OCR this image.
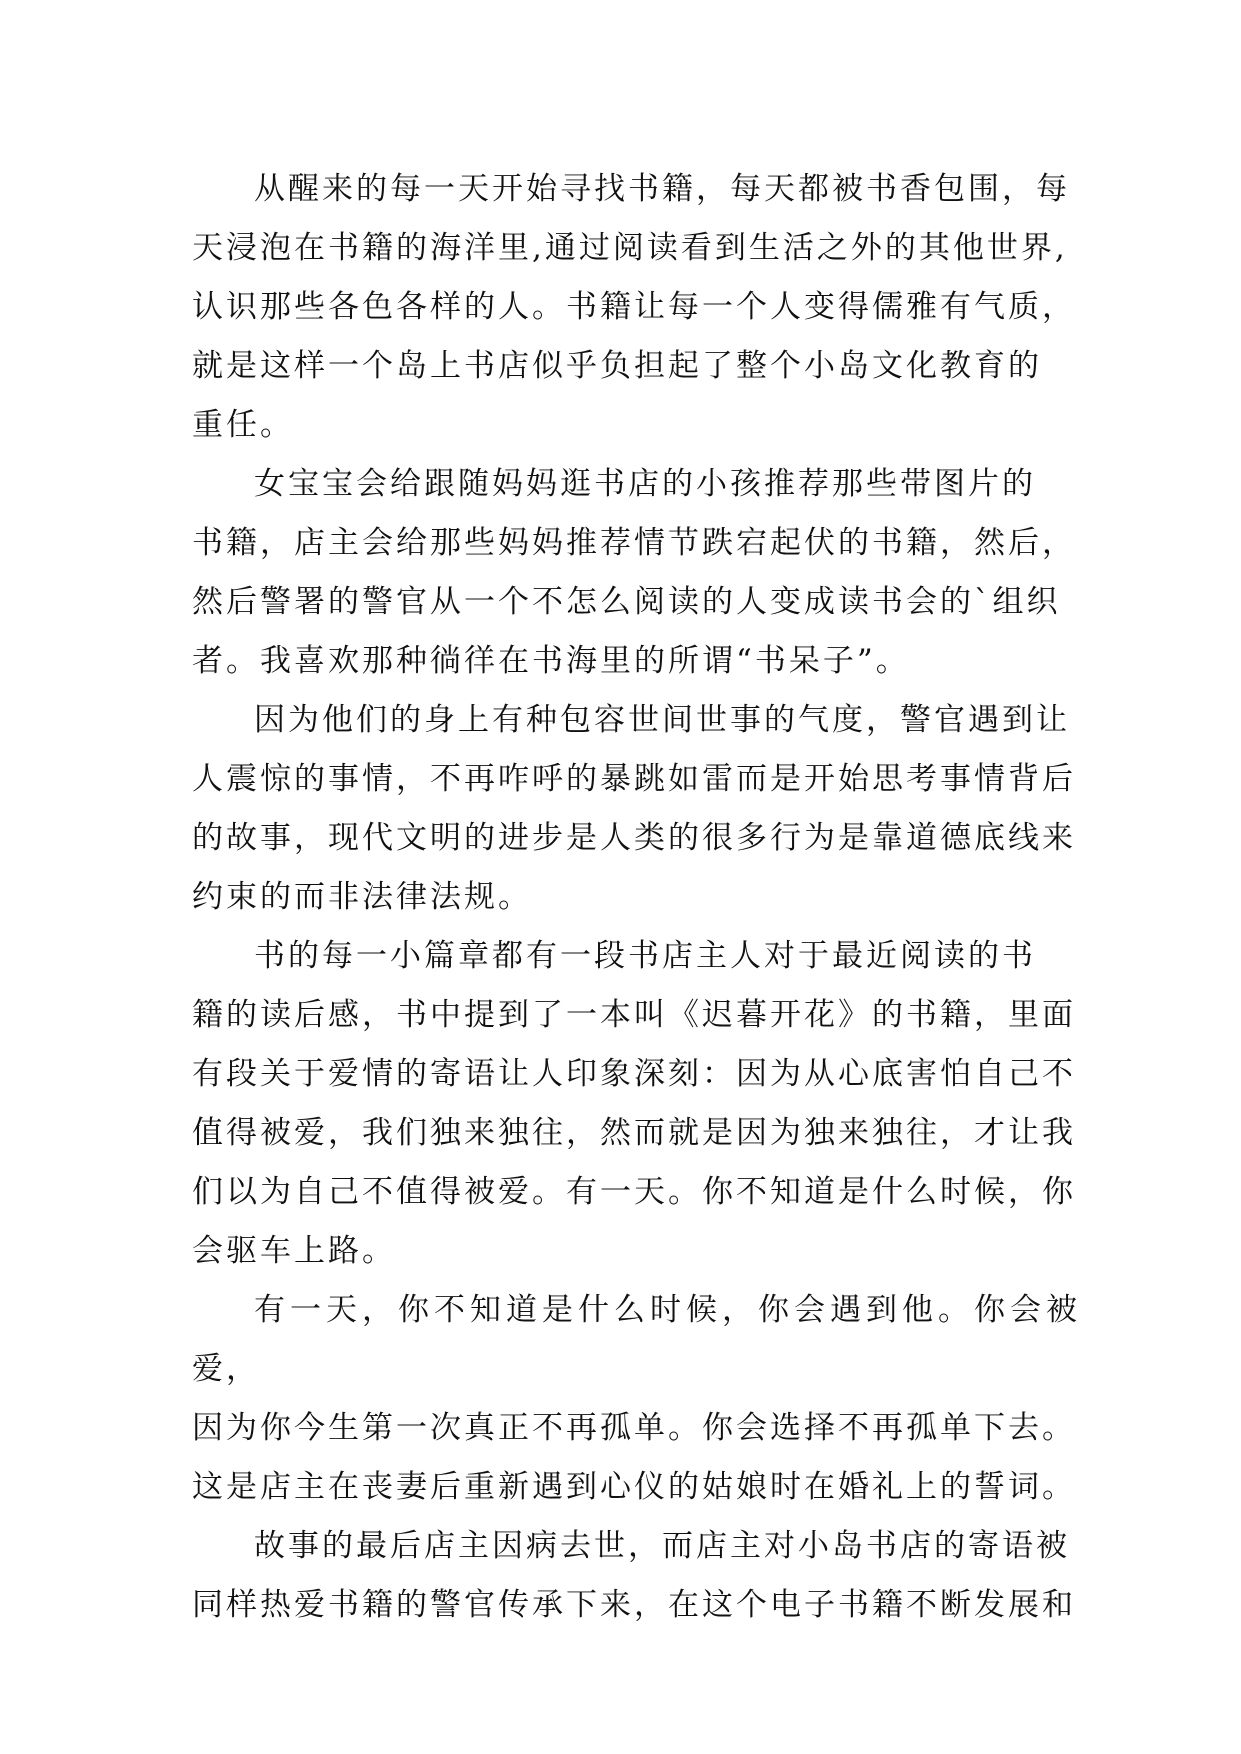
从醒来的每一天开始寻找书籍，每天都被书香包围，每
天浸泡在书籍的海洋里,通过阅读看到生活之外的其他世界,
认识那些各色各样的人。书籍让每一个人变得儒雅有气质，
就是这样一个岛上书店似乎负担起了整个小岛文化教育的
重任。

女宝宝会给跟随妈妈逛书店的小孩推荐那些带图片的
书籍，店主会给那些妈妈推荐情节跌宕起伏的书籍，然后，
然后警署的警官从一个不怎么阅读的人变成读书会的`组织
者。我喜欢那种徜徉在书海里的所谓“书呆子”。

因为他们的身上有种包容世间世事的气度，警官遇到让
人震惊的事情，不再咋呼的暴跳如雷而是开始思考事情背后
的故事，现代文明的进步是人类的很多行为是靠道德底线来
约束的而非法律法规。

书的每一小篇章都有一段书店主人对于最近阅读的书
籍的读后感，书中提到了一本叫《迟暮开花》的书籍，里面
有段关于爱情的寄语让人印象深刻：因为从心底害怕自己不
值得被爱，我们独来独往，然而就是因为独来独往，才让我
们以为自己不值得被爱。有一天。你不知道是什么时候，你
会驱车上路。

有一天，你不知道是什么时候，你会遇到他。你会被爱，
因为你今生第一次真正不再孤单。你会选择不再孤单下去。
这是店主在丧妻后重新遇到心仪的姑娘时在婚礼上的誓词。

故事的最后店主因病去世，而店主对小岛书店的寄语被
同样热爱书籍的警官传承下来，在这个电子书籍不断发展和
